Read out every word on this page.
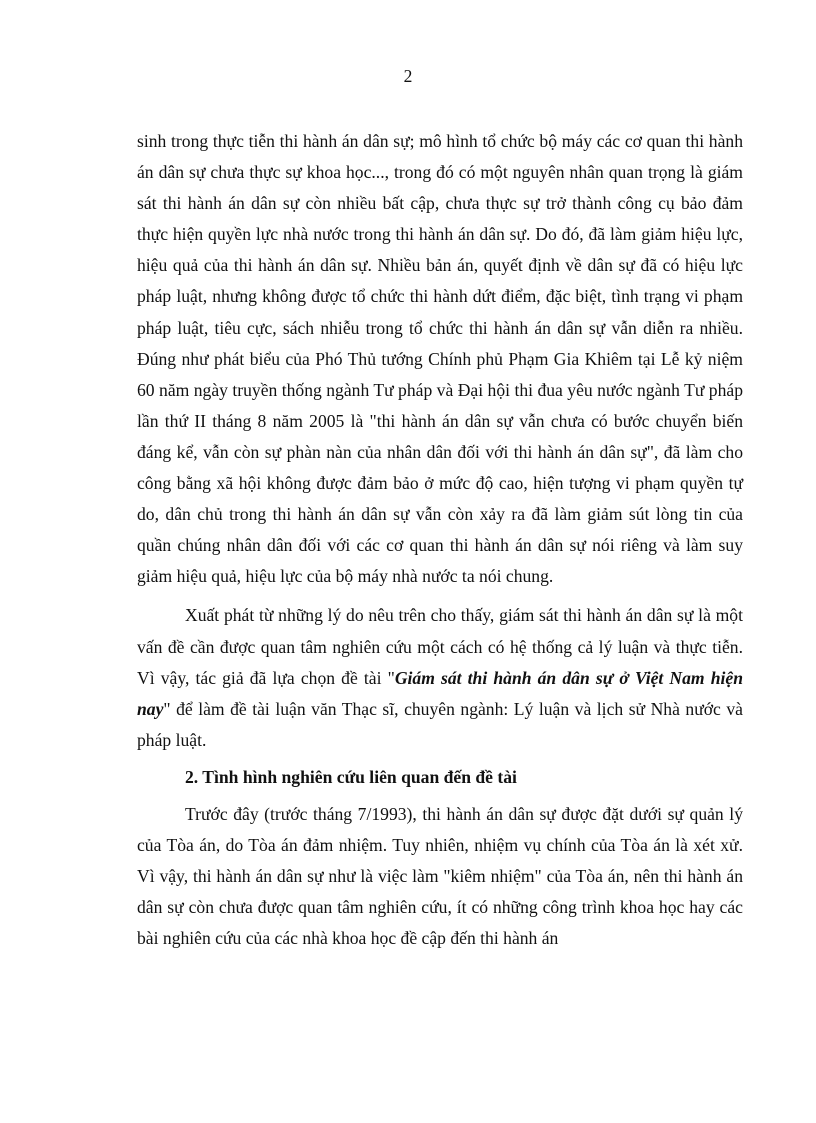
2

sinh trong thực tiễn thi hành án dân sự; mô hình tổ chức bộ máy các cơ quan thi hành án dân sự chưa thực sự khoa học..., trong đó có một nguyên nhân quan trọng là giám sát thi hành án dân sự còn nhiều bất cập, chưa thực sự trở thành công cụ bảo đảm thực hiện quyền lực nhà nước trong thi hành án dân sự. Do đó, đã làm giảm hiệu lực, hiệu quả của thi hành án dân sự. Nhiều bản án, quyết định về dân sự đã có hiệu lực pháp luật, nhưng không được tổ chức thi hành dứt điểm, đặc biệt, tình trạng vi phạm pháp luật, tiêu cực, sách nhiễu trong tổ chức thi hành án dân sự vẫn diễn ra nhiều. Đúng như phát biểu của Phó Thủ tướng Chính phủ Phạm Gia Khiêm tại Lễ kỷ niệm 60 năm ngày truyền thống ngành Tư pháp và Đại hội thi đua yêu nước ngành Tư pháp lần thứ II tháng 8 năm 2005 là "thi hành án dân sự vẫn chưa có bước chuyển biến đáng kể, vẫn còn sự phàn nàn của nhân dân đối với thi hành án dân sự", đã làm cho công bằng xã hội không được đảm bảo ở mức độ cao, hiện tượng vi phạm quyền tự do, dân chủ trong thi hành án dân sự vẫn còn xảy ra đã làm giảm sút lòng tin của quần chúng nhân dân đối với các cơ quan thi hành án dân sự nói riêng và làm suy giảm hiệu quả, hiệu lực của bộ máy nhà nước ta nói chung.

Xuất phát từ những lý do nêu trên cho thấy, giám sát thi hành án dân sự là một vấn đề cần được quan tâm nghiên cứu một cách có hệ thống cả lý luận và thực tiễn. Vì vậy, tác giả đã lựa chọn đề tài "Giám sát thi hành án dân sự ở Việt Nam hiện nay" để làm đề tài luận văn Thạc sĩ, chuyên ngành: Lý luận và lịch sử Nhà nước và pháp luật.

2. Tình hình nghiên cứu liên quan đến đề tài

Trước đây (trước tháng 7/1993), thi hành án dân sự được đặt dưới sự quản lý của Tòa án, do Tòa án đảm nhiệm. Tuy nhiên, nhiệm vụ chính của Tòa án là xét xử. Vì vậy, thi hành án dân sự như là việc làm "kiêm nhiệm" của Tòa án, nên thi hành án dân sự còn chưa được quan tâm nghiên cứu, ít có những công trình khoa học hay các bài nghiên cứu của các nhà khoa học đề cập đến thi hành án
